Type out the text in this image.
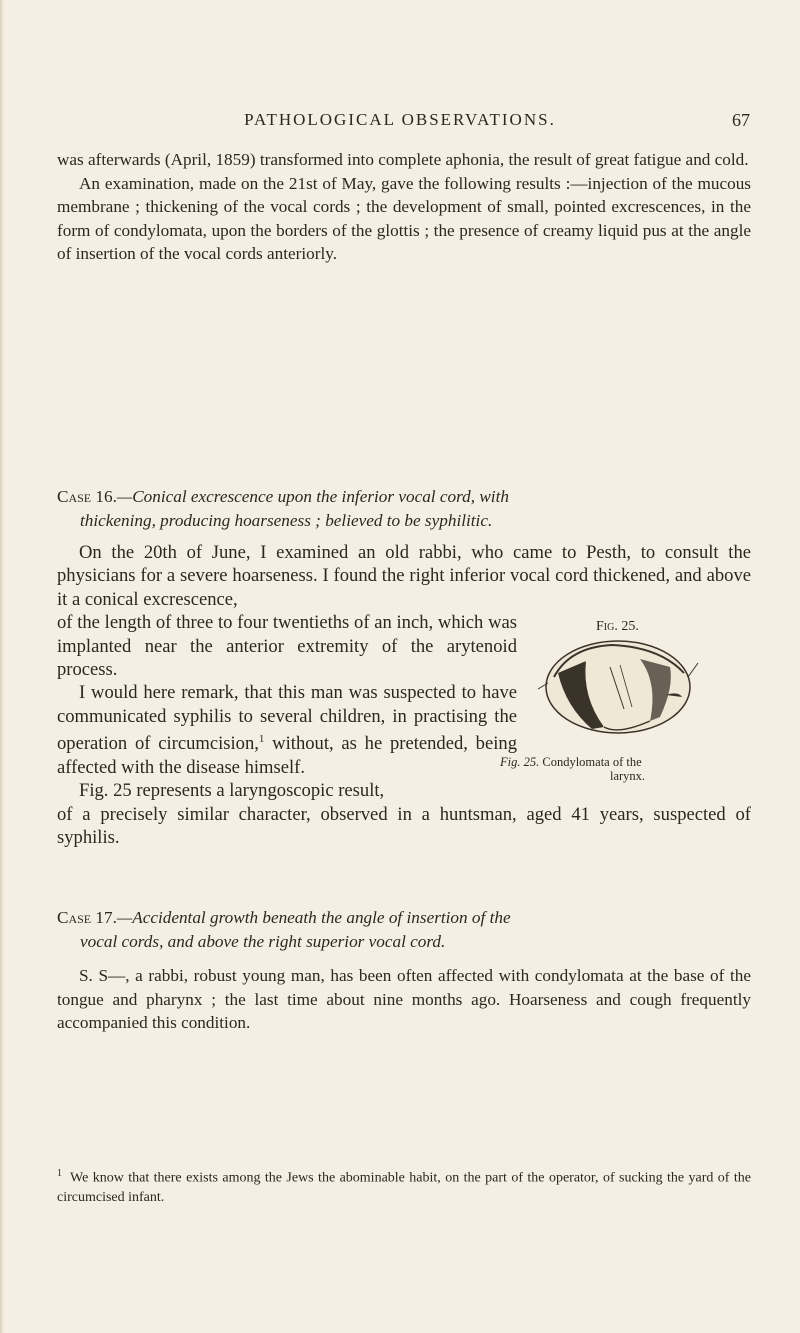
PATHOLOGICAL OBSERVATIONS.	67

was afterwards (April, 1859) transformed into complete aphonia, the result of great fatigue and cold.

An examination, made on the 21st of May, gave the following results :—injection of the mucous membrane ; thickening of the vocal cords ; the development of small, pointed excrescences, in the form of condylomata, upon the borders of the glottis ; the presence of creamy liquid pus at the angle of insertion of the vocal cords anteriorly.

Case 16.—Conical excrescence upon the inferior vocal cord, with
thickening, producing hoarseness ; believed to be syphilitic.

On the 20th of June, I examined an old rabbi, who came to Pesth, to consult the physicians for a severe hoarseness. I found the right inferior vocal cord thickened, and above it a conical excrescence,

of the length of three to four twentieths of an inch, which was implanted near the anterior extremity of the arytenoid process.

I would here remark, that this man was suspected to have communicated syphilis to several children, in practising the operation of circumcision,$^1$ without, as he pretended, being affected with the disease himself.

Fig. 25 represents a laryngoscopic result,

of a precisely similar character, observed in a huntsman, aged 41 years, suspected of syphilis.

Fig. 25.
Fig. 25. Condylomata of the
larynx.
Case 17.—Accidental growth beneath the angle of insertion of the
vocal cords, and above the right superior vocal cord.

S. S—, a rabbi, robust young man, has been often affected with condylomata at the base of the tongue and pharynx ; the last time about nine months ago. Hoarseness and cough frequently accompanied this condition.

$^1$ We know that there exists among the Jews the abominable habit, on the part of the operator, of sucking the yard of the circumcised infant.
